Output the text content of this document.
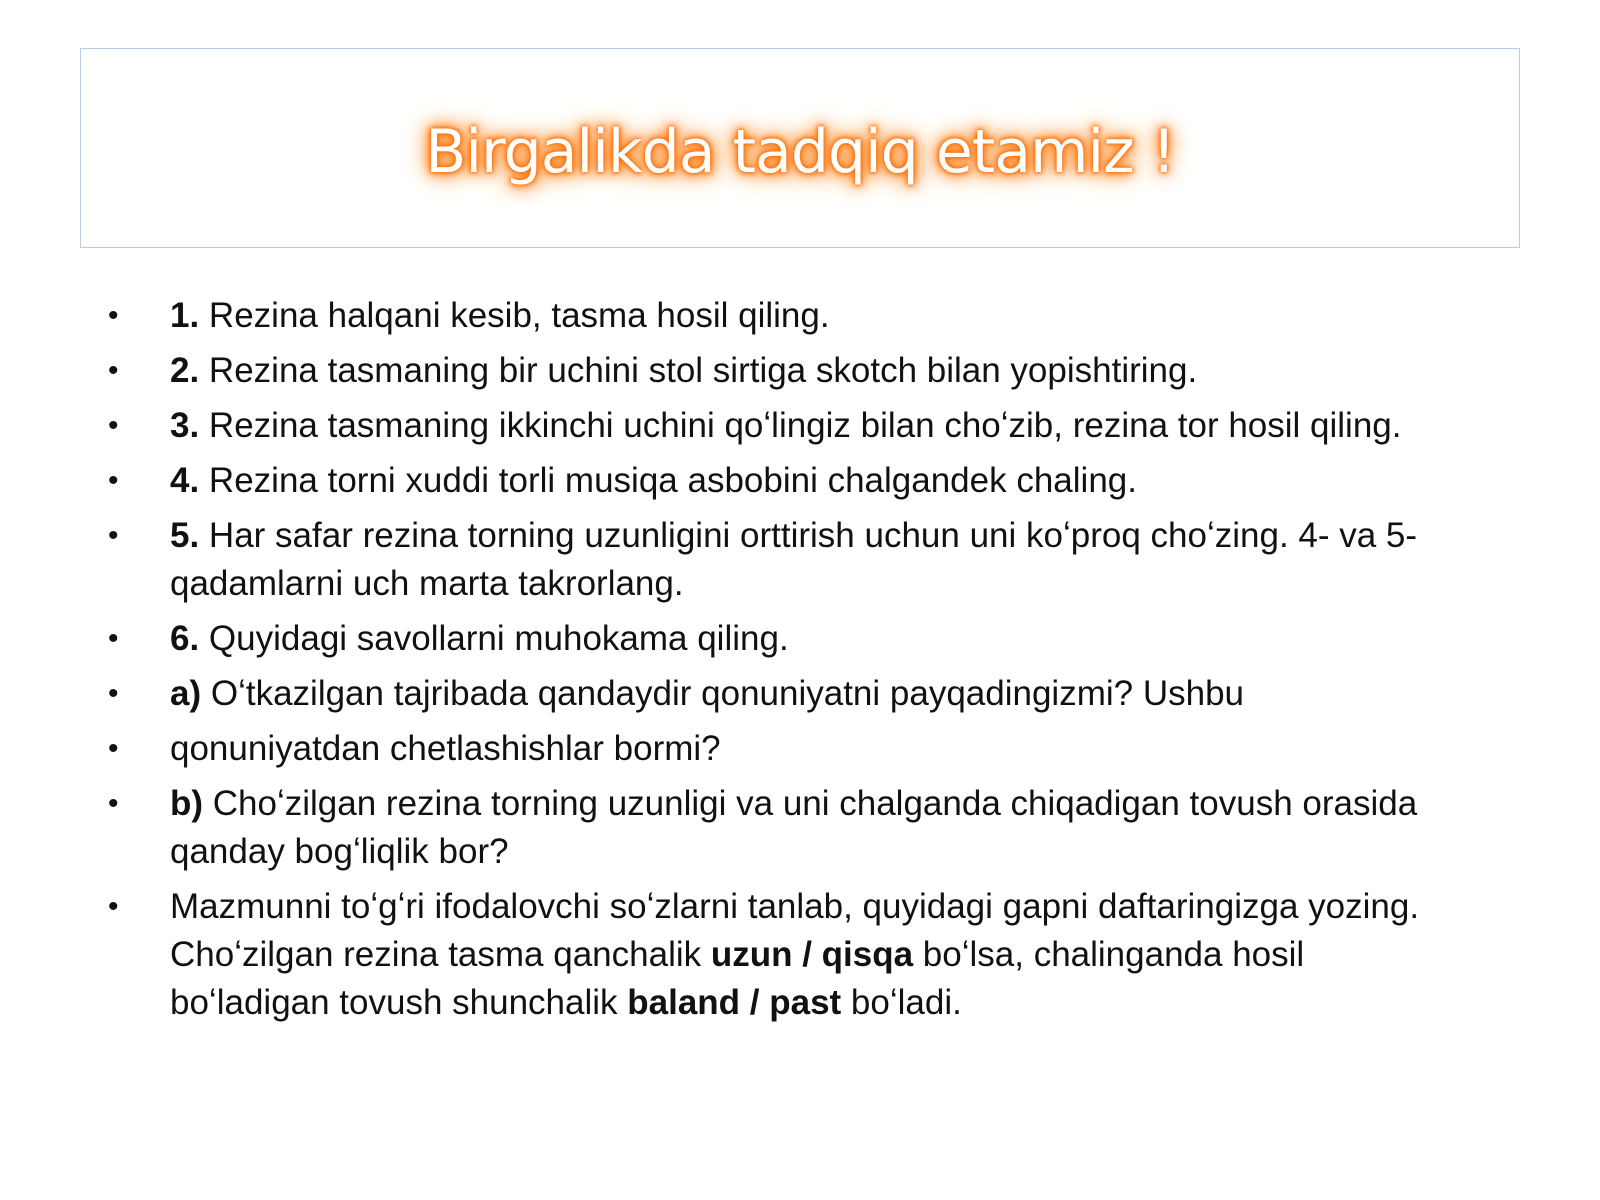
Birgalikda tadqiq etamiz !
• 1. Rezina halqani kesib, tasma hosil qiling.
• 2. Rezina tasmaning bir uchini stol sirtiga skotch bilan yopishtiring.
• 3. Rezina tasmaning ikkinchi uchini qoʻlingiz bilan choʻzib, rezina tor hosil qiling.
• 4. Rezina torni xuddi torli musiqa asbobini chalgandek chaling.
• 5. Har safar rezina torning uzunligini orttirish uchun uni koʻproq choʻzing. 4- va 5-qadamlarni uch marta takrorlang.
• 6. Quyidagi savollarni muhokama qiling.
• a) Oʻtkazilgan tajribada qandaydir qonuniyatni payqadingizmi? Ushbu
• qonuniyatdan chetlashishlar bormi?
• b) Choʻzilgan rezina torning uzunligi va uni chalganda chiqadigan tovush orasida qanday bogʻliqlik bor?
• Mazmunni toʻgʻri ifodalovchi soʻzlarni tanlab, quyidagi gapni daftaringizga yozing.
Choʻzilgan rezina tasma qanchalik uzun / qisqa boʻlsa, chalinganda hosil
boʻladigan tovush shunchalik baland / past boʻladi.
